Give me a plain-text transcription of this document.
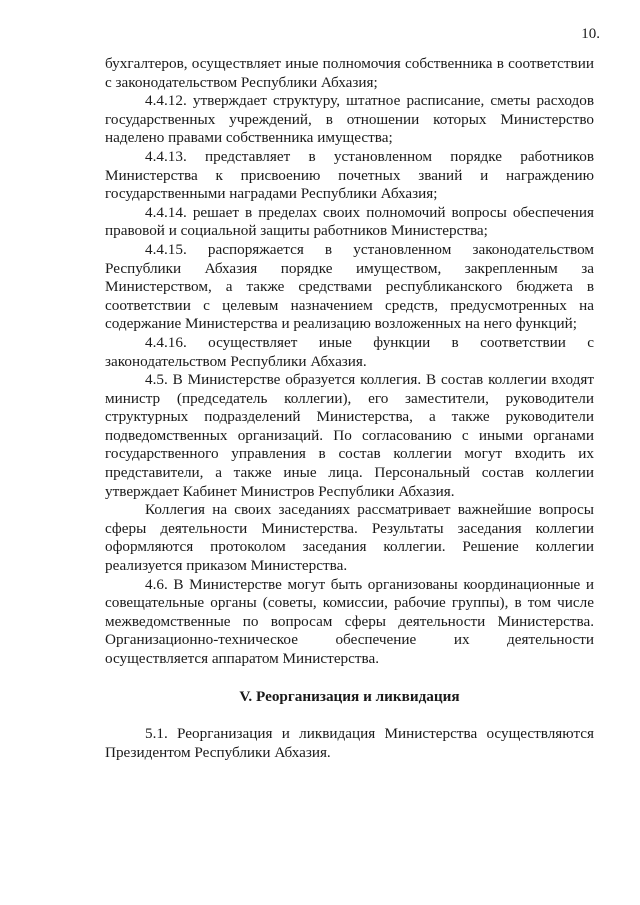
10.

бухгалтеров, осуществляет иные полномочия собственника в соответствии с законодательством Республики Абхазия;

4.4.12. утверждает структуру, штатное расписание, сметы расходов государственных учреждений, в отношении которых Министерство наделено правами собственника имущества;

4.4.13. представляет в установленном порядке работников Министерства к присвоению почетных званий и награждению государственными наградами Республики Абхазия;

4.4.14. решает в пределах своих полномочий вопросы обеспечения правовой и социальной защиты работников Министерства;

4.4.15. распоряжается в установленном законодательством Республики Абхазия порядке имуществом, закрепленным за Министерством, а также средствами республиканского бюджета в соответствии с целевым назначением средств, предусмотренных на содержание Министерства и реализацию возложенных на него функций;

4.4.16. осуществляет иные функции в соответствии с законодательством Республики Абхазия.

4.5. В Министерстве образуется коллегия. В состав коллегии входят министр (председатель коллегии), его заместители, руководители структурных подразделений Министерства, а также руководители подведомственных организаций. По согласованию с иными органами государственного управления в состав коллегии могут входить их представители, а также иные лица. Персональный состав коллегии утверждает Кабинет Министров Республики Абхазия.

Коллегия на своих заседаниях рассматривает важнейшие вопросы сферы деятельности Министерства. Результаты заседания коллегии оформляются протоколом заседания коллегии. Решение коллегии реализуется приказом Министерства.

4.6. В Министерстве могут быть организованы координационные и совещательные органы (советы, комиссии, рабочие группы), в том числе межведомственные по вопросам сферы деятельности Министерства. Организационно-техническое обеспечение их деятельности осуществляется аппаратом Министерства.

V. Реорганизация и ликвидация

5.1. Реорганизация и ликвидация Министерства осуществляются Президентом Республики Абхазия.
